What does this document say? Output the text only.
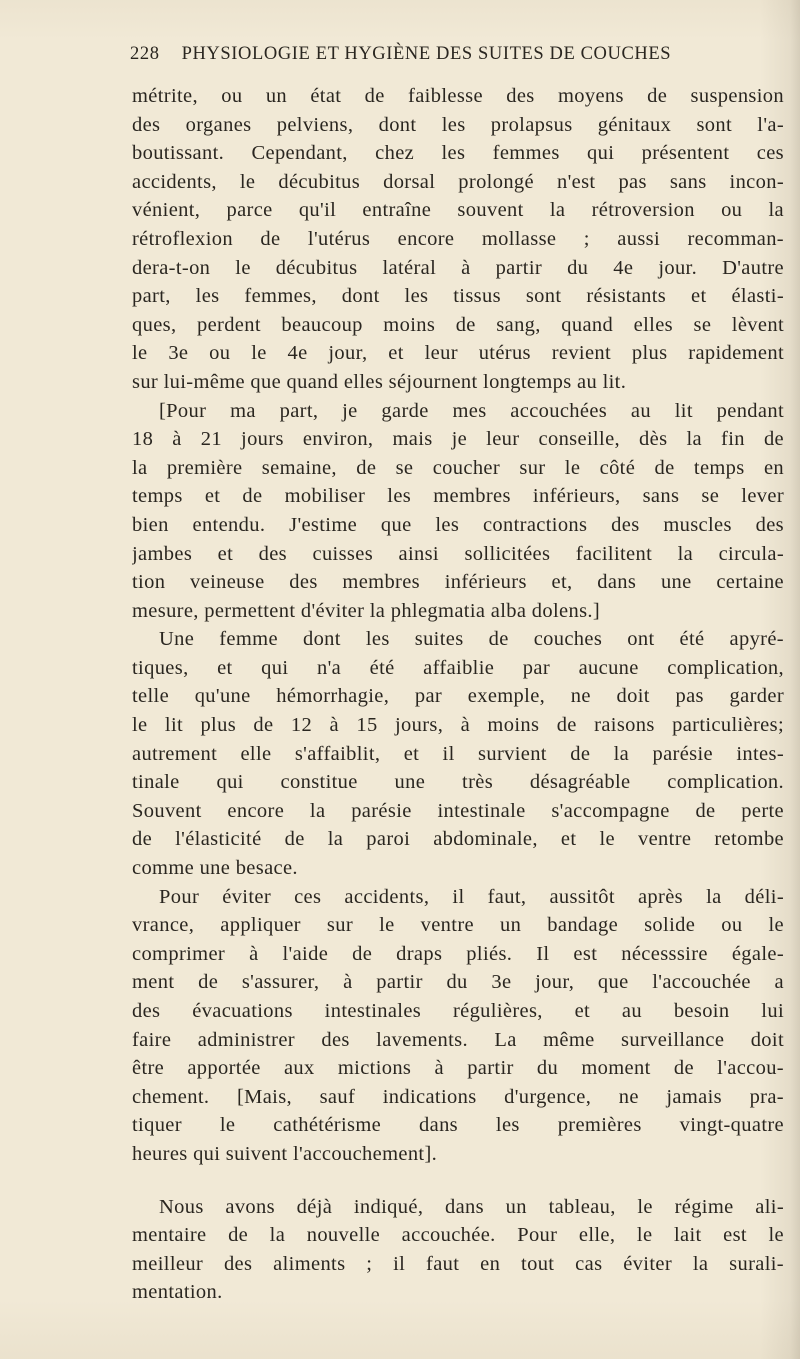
228 PHYSIOLOGIE ET HYGIÈNE DES SUITES DE COUCHES
métrite, ou un état de faiblesse des moyens de suspension
des organes pelviens, dont les prolapsus génitaux sont l'a-
boutissant. Cependant, chez les femmes qui présentent ces
accidents, le décubitus dorsal prolongé n'est pas sans incon-
vénient, parce qu'il entraîne souvent la rétroversion ou la
rétroflexion de l'utérus encore mollasse ; aussi recomman-
dera-t-on le décubitus latéral à partir du 4e jour. D'autre
part, les femmes, dont les tissus sont résistants et élasti-
ques, perdent beaucoup moins de sang, quand elles se lèvent
le 3e ou le 4e jour, et leur utérus revient plus rapidement
sur lui-même que quand elles séjournent longtemps au lit.
[Pour ma part, je garde mes accouchées au lit pendant
18 à 21 jours environ, mais je leur conseille, dès la fin de
la première semaine, de se coucher sur le côté de temps en
temps et de mobiliser les membres inférieurs, sans se lever
bien entendu. J'estime que les contractions des muscles des
jambes et des cuisses ainsi sollicitées facilitent la circula-
tion veineuse des membres inférieurs et, dans une certaine
mesure, permettent d'éviter la phlegmatia alba dolens.]
Une femme dont les suites de couches ont été apyré-
tiques, et qui n'a été affaiblie par aucune complication,
telle qu'une hémorrhagie, par exemple, ne doit pas garder
le lit plus de 12 à 15 jours, à moins de raisons particulières;
autrement elle s'affaiblit, et il survient de la parésie intes-
tinale qui constitue une très désagréable complication.
Souvent encore la parésie intestinale s'accompagne de perte
de l'élasticité de la paroi abdominale, et le ventre retombe
comme une besace.
Pour éviter ces accidents, il faut, aussitôt après la déli-
vrance, appliquer sur le ventre un bandage solide ou le
comprimer à l'aide de draps pliés. Il est nécesssire égale-
ment de s'assurer, à partir du 3e jour, que l'accouchée a
des évacuations intestinales régulières, et au besoin lui
faire administrer des lavements. La même surveillance doit
être apportée aux mictions à partir du moment de l'accou-
chement. [Mais, sauf indications d'urgence, ne jamais pra-
tiquer le cathétérisme dans les premières vingt-quatre
heures qui suivent l'accouchement].
Nous avons déjà indiqué, dans un tableau, le régime ali-
mentaire de la nouvelle accouchée. Pour elle, le lait est le
meilleur des aliments ; il faut en tout cas éviter la surali-
mentation.
